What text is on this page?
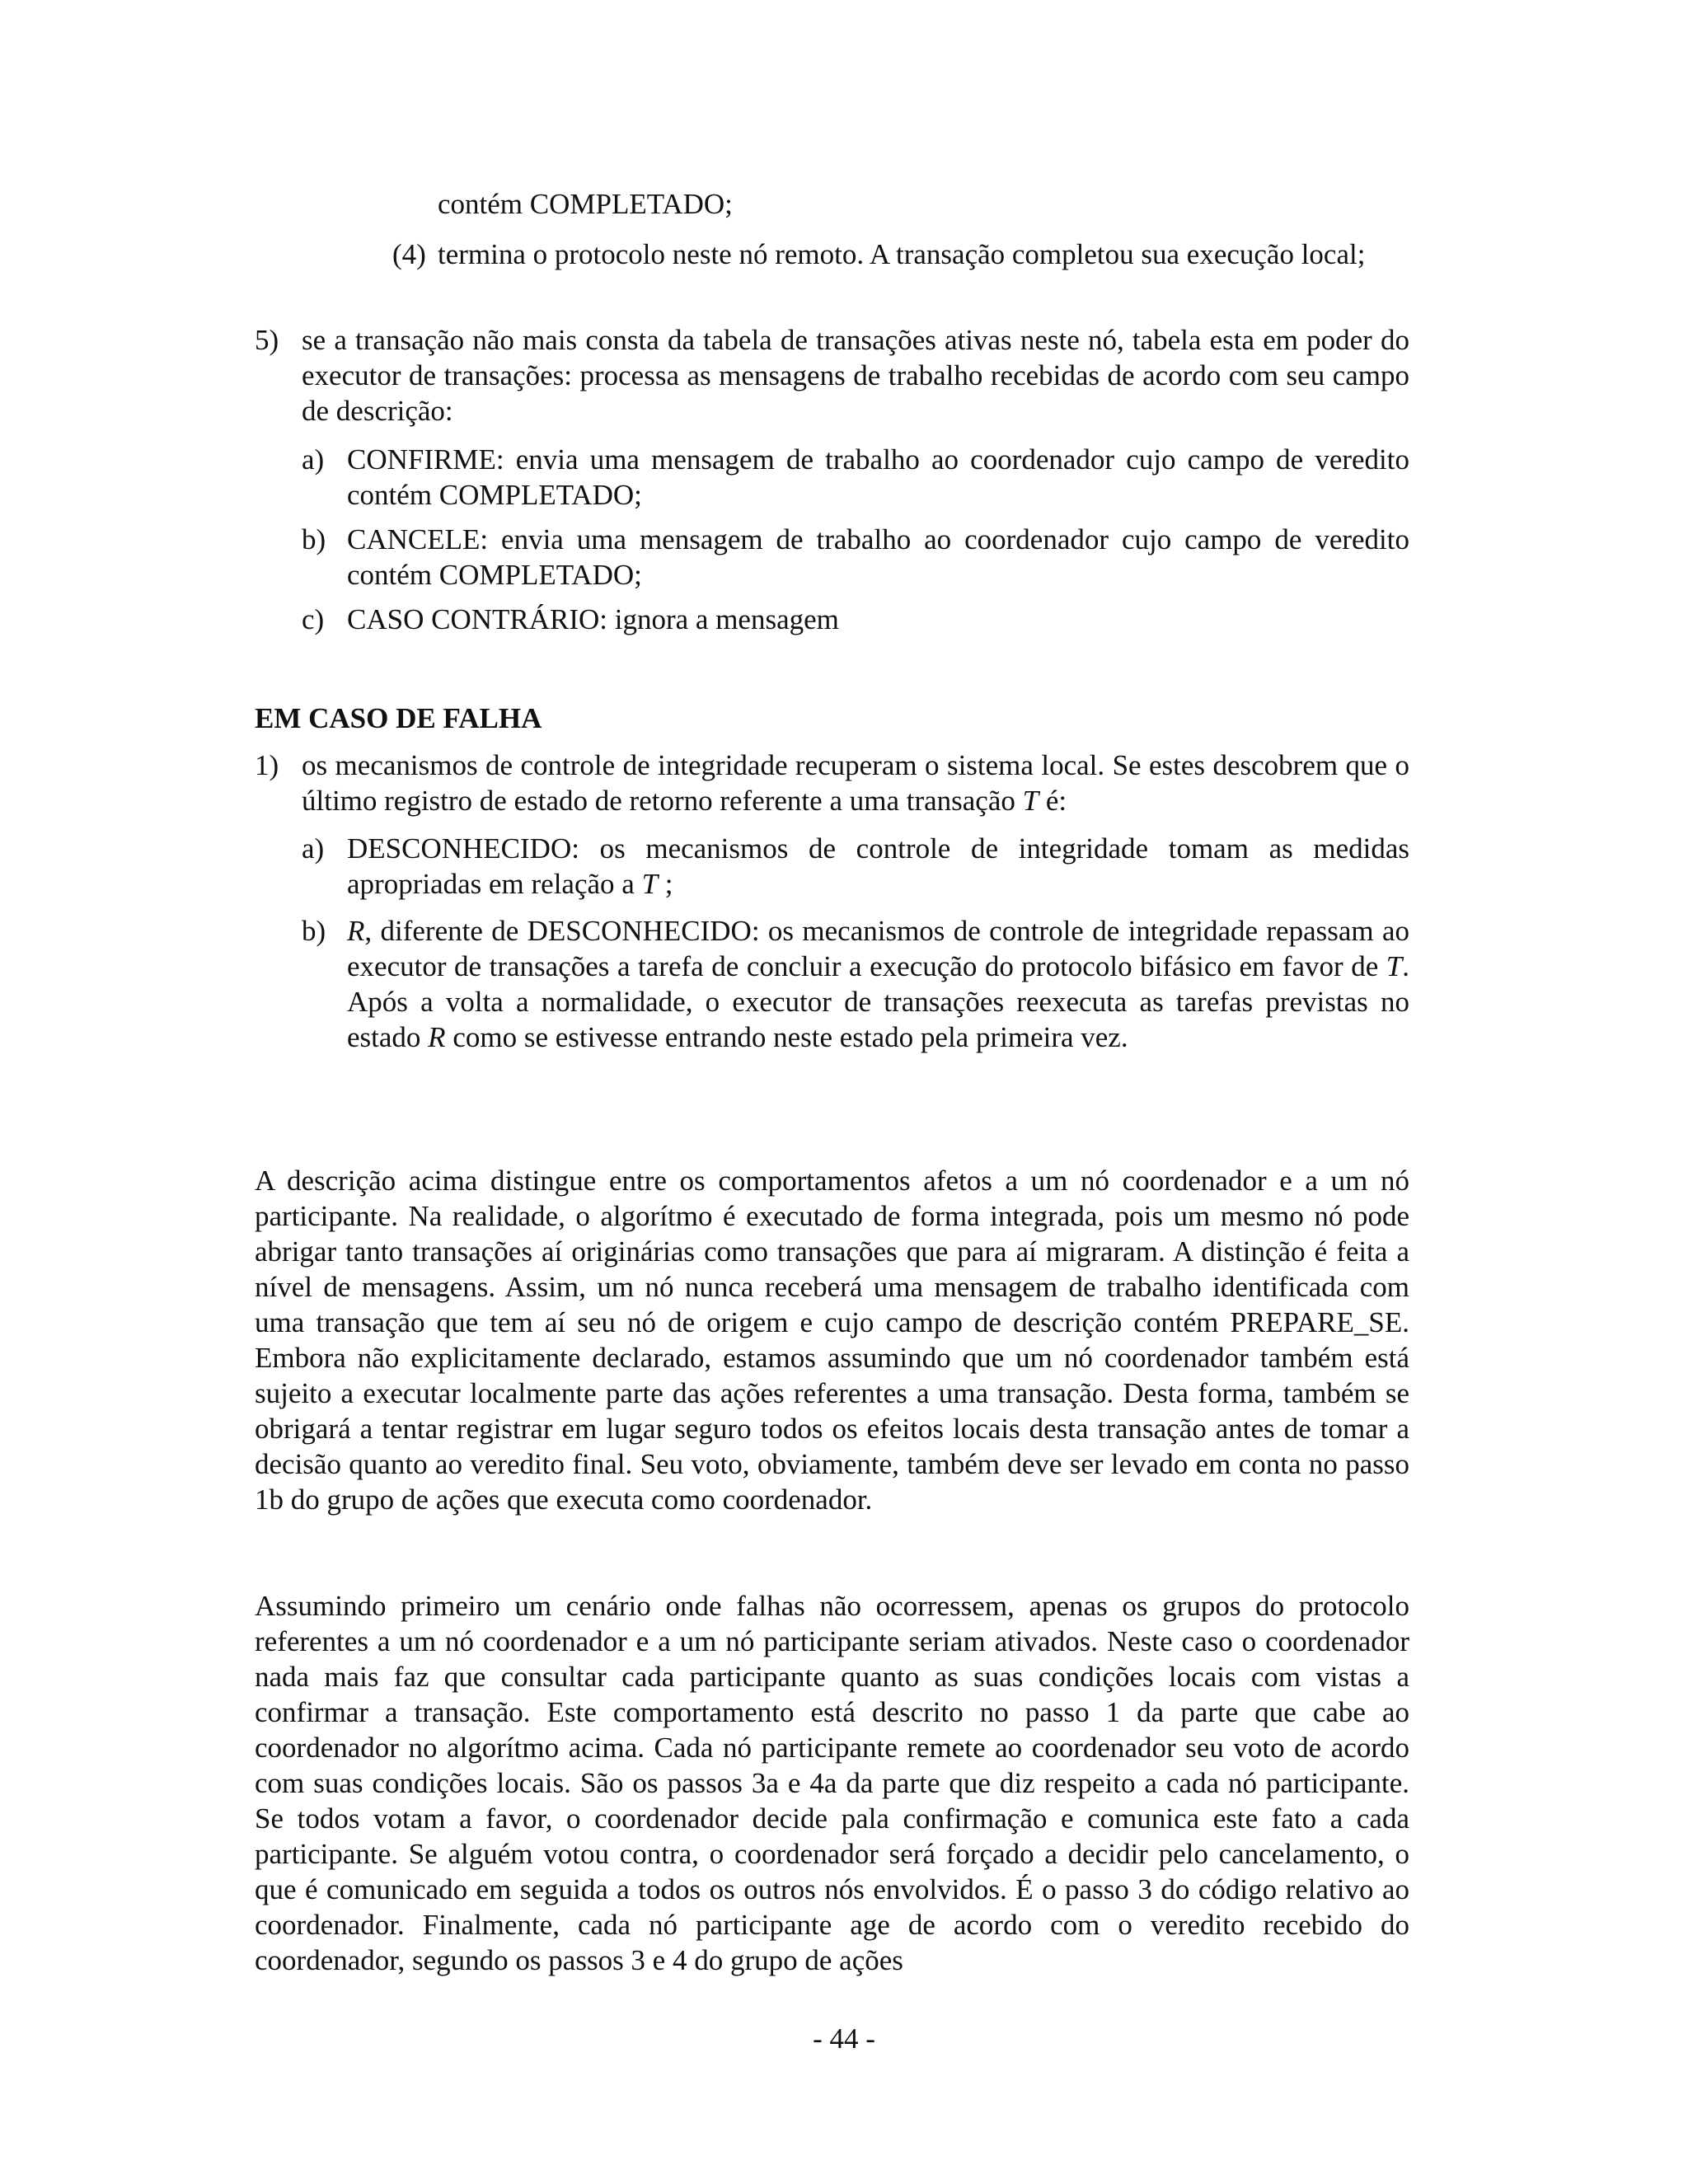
contém COMPLETADO;
(4) termina o protocolo neste nó remoto. A transação completou sua execução local;
5) se a transação não mais consta da tabela de transações ativas neste nó, tabela esta em poder do executor de transações: processa as mensagens de trabalho recebidas de acordo com seu campo de descrição:
a) CONFIRME: envia uma mensagem de trabalho ao coordenador cujo campo de veredito contém COMPLETADO;
b) CANCELE: envia uma mensagem de trabalho ao coordenador cujo campo de veredito contém COMPLETADO;
c) CASO CONTRÁRIO: ignora a mensagem
EM CASO DE FALHA
1) os mecanismos de controle de integridade recuperam o sistema local. Se estes descobrem que o último registro de estado de retorno referente a uma transação T é:
a) DESCONHECIDO: os mecanismos de controle de integridade tomam as medidas apropriadas em relação a T ;
b) R, diferente de DESCONHECIDO: os mecanismos de controle de integridade repassam ao executor de transações a tarefa de concluir a execução do protocolo bifásico em favor de T. Após a volta a normalidade, o executor de transações reexecuta as tarefas previstas no estado R como se estivesse entrando neste estado pela primeira vez.
A descrição acima distingue entre os comportamentos afetos a um nó coordenador e a um nó participante. Na realidade, o algorítmo é executado de forma integrada, pois um mesmo nó pode abrigar tanto transações aí originárias como transações que para aí migraram. A distinção é feita a nível de mensagens. Assim, um nó nunca receberá uma mensagem de trabalho identificada com uma transação que tem aí seu nó de origem e cujo campo de descrição contém PREPARE_SE. Embora não explicitamente declarado, estamos assumindo que um nó coordenador também está sujeito a executar localmente parte das ações referentes a uma transação. Desta forma, também se obrigará a tentar registrar em lugar seguro todos os efeitos locais desta transação antes de tomar a decisão quanto ao veredito final. Seu voto, obviamente, também deve ser levado em conta no passo 1b do grupo de ações que executa como coordenador.
Assumindo primeiro um cenário onde falhas não ocorressem, apenas os grupos do protocolo referentes a um nó coordenador e a um nó participante seriam ativados. Neste caso o coordenador nada mais faz que consultar cada participante quanto as suas condições locais com vistas a confirmar a transação. Este comportamento está descrito no passo 1 da parte que cabe ao coordenador no algorítmo acima. Cada nó participante remete ao coordenador seu voto de acordo com suas condições locais. São os passos 3a e 4a da parte que diz respeito a cada nó participante. Se todos votam a favor, o coordenador decide pala confirmação e comunica este fato a cada participante. Se alguém votou contra, o coordenador será forçado a decidir pelo cancelamento, o que é comunicado em seguida a todos os outros nós envolvidos. É o passo 3 do código relativo ao coordenador. Finalmente, cada nó participante age de acordo com o veredito recebido do coordenador, segundo os passos 3 e 4 do grupo de ações
- 44 -
